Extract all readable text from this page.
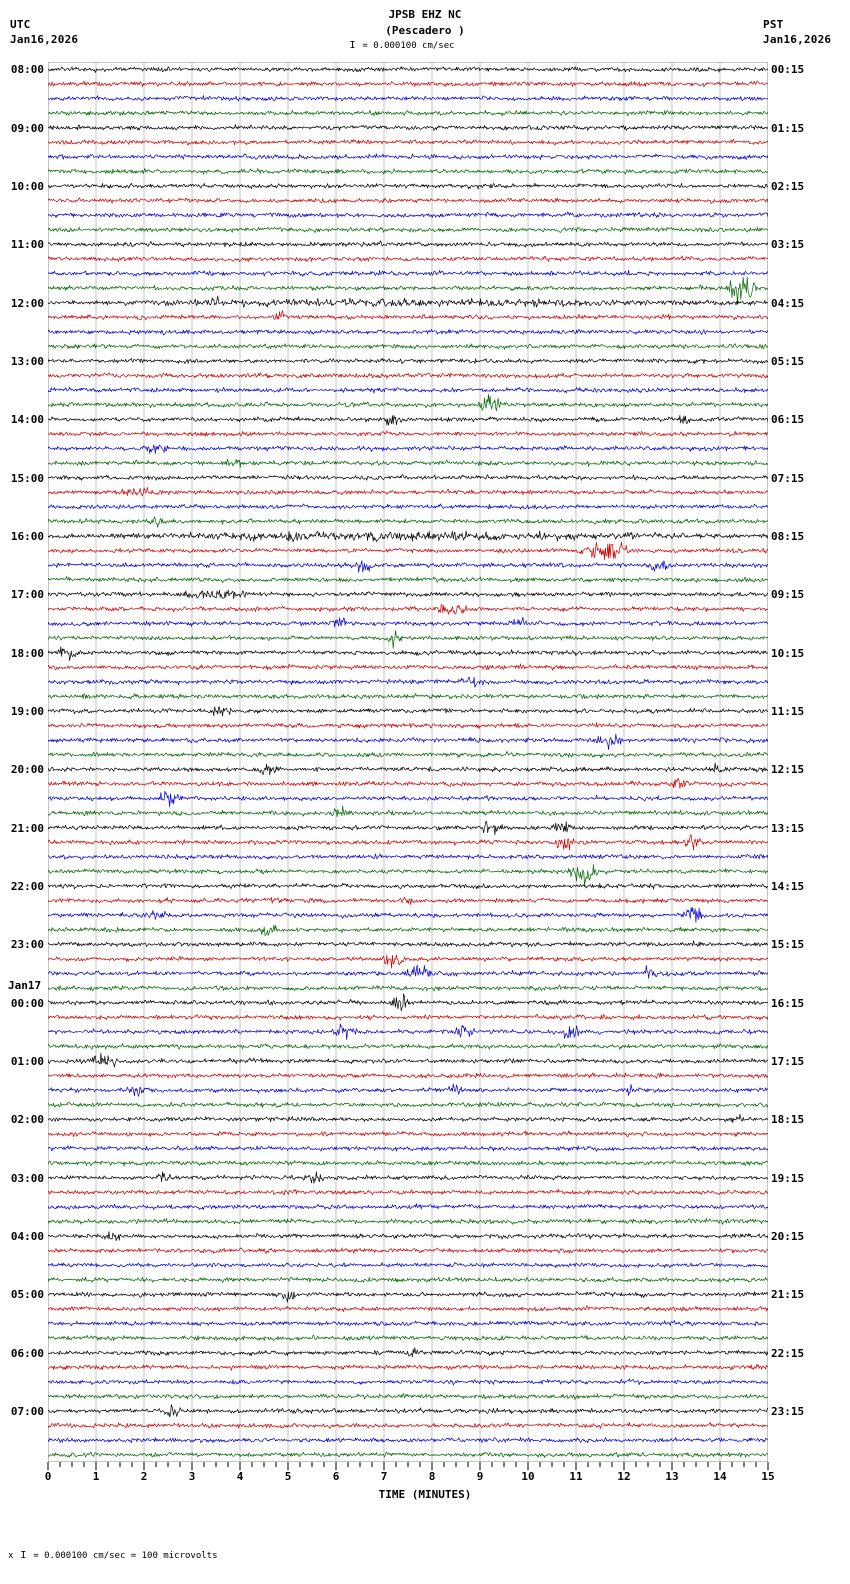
UTC
Jan16,2026
PST
Jan16,2026
JPSB EHZ NC
(Pescadero )
I = 0.000100 cm/sec
08:00
09:00
10:00
11:00
12:00
13:00
14:00
15:00
16:00
17:00
18:00
19:00
20:00
21:00
22:00
23:00
00:00
01:00
02:00
03:00
04:00
05:00
06:00
07:00
00:15
01:15
02:15
03:15
04:15
05:15
06:15
07:15
08:15
09:15
10:15
11:15
12:15
13:15
14:15
15:15
16:15
17:15
18:15
19:15
20:15
21:15
22:15
23:15
0	1	2	3	4	5	6	7	8	9	10	11	12	13	14	15
TIME (MINUTES)
x I = 0.000100 cm/sec = 100 microvolts
Jan17
